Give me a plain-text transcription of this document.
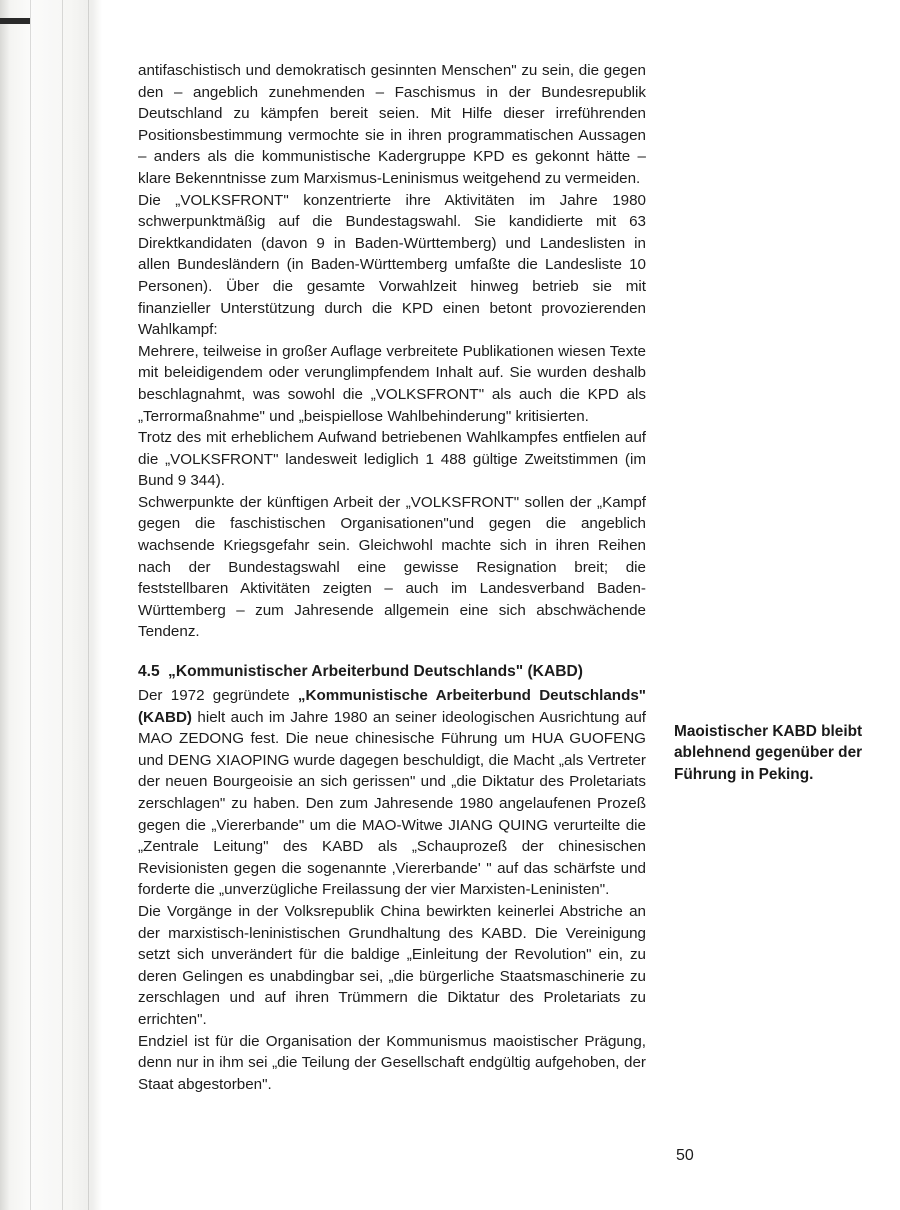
antifaschistisch und demokratisch gesinnten Menschen" zu sein, die gegen den – angeblich zunehmenden – Faschismus in der Bundesrepublik Deutschland zu kämpfen bereit seien. Mit Hilfe dieser irreführenden Positionsbestimmung vermochte sie in ihren programmatischen Aussagen – anders als die kommunistische Kadergruppe KPD es gekonnt hätte – klare Bekenntnisse zum Marxismus-Leninismus weitgehend zu vermeiden.

Die „VOLKSFRONT" konzentrierte ihre Aktivitäten im Jahre 1980 schwerpunktmäßig auf die Bundestagswahl. Sie kandidierte mit 63 Direktkandidaten (davon 9 in Baden-Württemberg) und Landeslisten in allen Bundesländern (in Baden-Württemberg umfaßte die Landesliste 10 Personen). Über die gesamte Vorwahlzeit hinweg betrieb sie mit finanzieller Unterstützung durch die KPD einen betont provozierenden Wahlkampf:

Mehrere, teilweise in großer Auflage verbreitete Publikationen wiesen Texte mit beleidigendem oder verunglimpfendem Inhalt auf. Sie wurden deshalb beschlagnahmt, was sowohl die „VOLKSFRONT" als auch die KPD als „Terrormaßnahme" und „beispiellose Wahlbehinderung" kritisierten.

Trotz des mit erheblichem Aufwand betriebenen Wahlkampfes entfielen auf die „VOLKSFRONT" landesweit lediglich 1 488 gültige Zweitstimmen (im Bund 9 344).

Schwerpunkte der künftigen Arbeit der „VOLKSFRONT" sollen der „Kampf gegen die faschistischen Organisationen"und gegen die angeblich wachsende Kriegsgefahr sein. Gleichwohl machte sich in ihren Reihen nach der Bundestagswahl eine gewisse Resignation breit; die feststellbaren Aktivitäten zeigten – auch im Landesverband Baden-Württemberg – zum Jahresende allgemein eine sich abschwächende Tendenz.

4.5 „Kommunistischer Arbeiterbund Deutschlands" (KABD)

Der 1972 gegründete „Kommunistische Arbeiterbund Deutschlands" (KABD) hielt auch im Jahre 1980 an seiner ideologischen Ausrichtung auf MAO ZEDONG fest. Die neue chinesische Führung um HUA GUOFENG und DENG XIAOPING wurde dagegen beschuldigt, die Macht „als Vertreter der neuen Bourgeoisie an sich gerissen" und „die Diktatur des Proletariats zerschlagen" zu haben. Den zum Jahresende 1980 angelaufenen Prozeß gegen die „Viererbande" um die MAO-Witwe JIANG QUING verurteilte die „Zentrale Leitung" des KABD als „Schauprozeß der chinesischen Revisionisten gegen die sogenannte ‚Viererbande' " auf das schärfste und forderte die „unverzügliche Freilassung der vier Marxisten-Leninisten".

Die Vorgänge in der Volksrepublik China bewirkten keinerlei Abstriche an der marxistisch-leninistischen Grundhaltung des KABD. Die Vereinigung setzt sich unverändert für die baldige „Einleitung der Revolution" ein, zu deren Gelingen es unabdingbar sei, „die bürgerliche Staatsmaschinerie zu zerschlagen und auf ihren Trümmern die Diktatur des Proletariats zu errichten".

Endziel ist für die Organisation der Kommunismus maoistischer Prägung, denn nur in ihm sei „die Teilung der Gesellschaft endgültig aufgehoben, der Staat abgestorben".

Maoistischer KABD bleibt ablehnend gegenüber der Führung in Peking.
50
